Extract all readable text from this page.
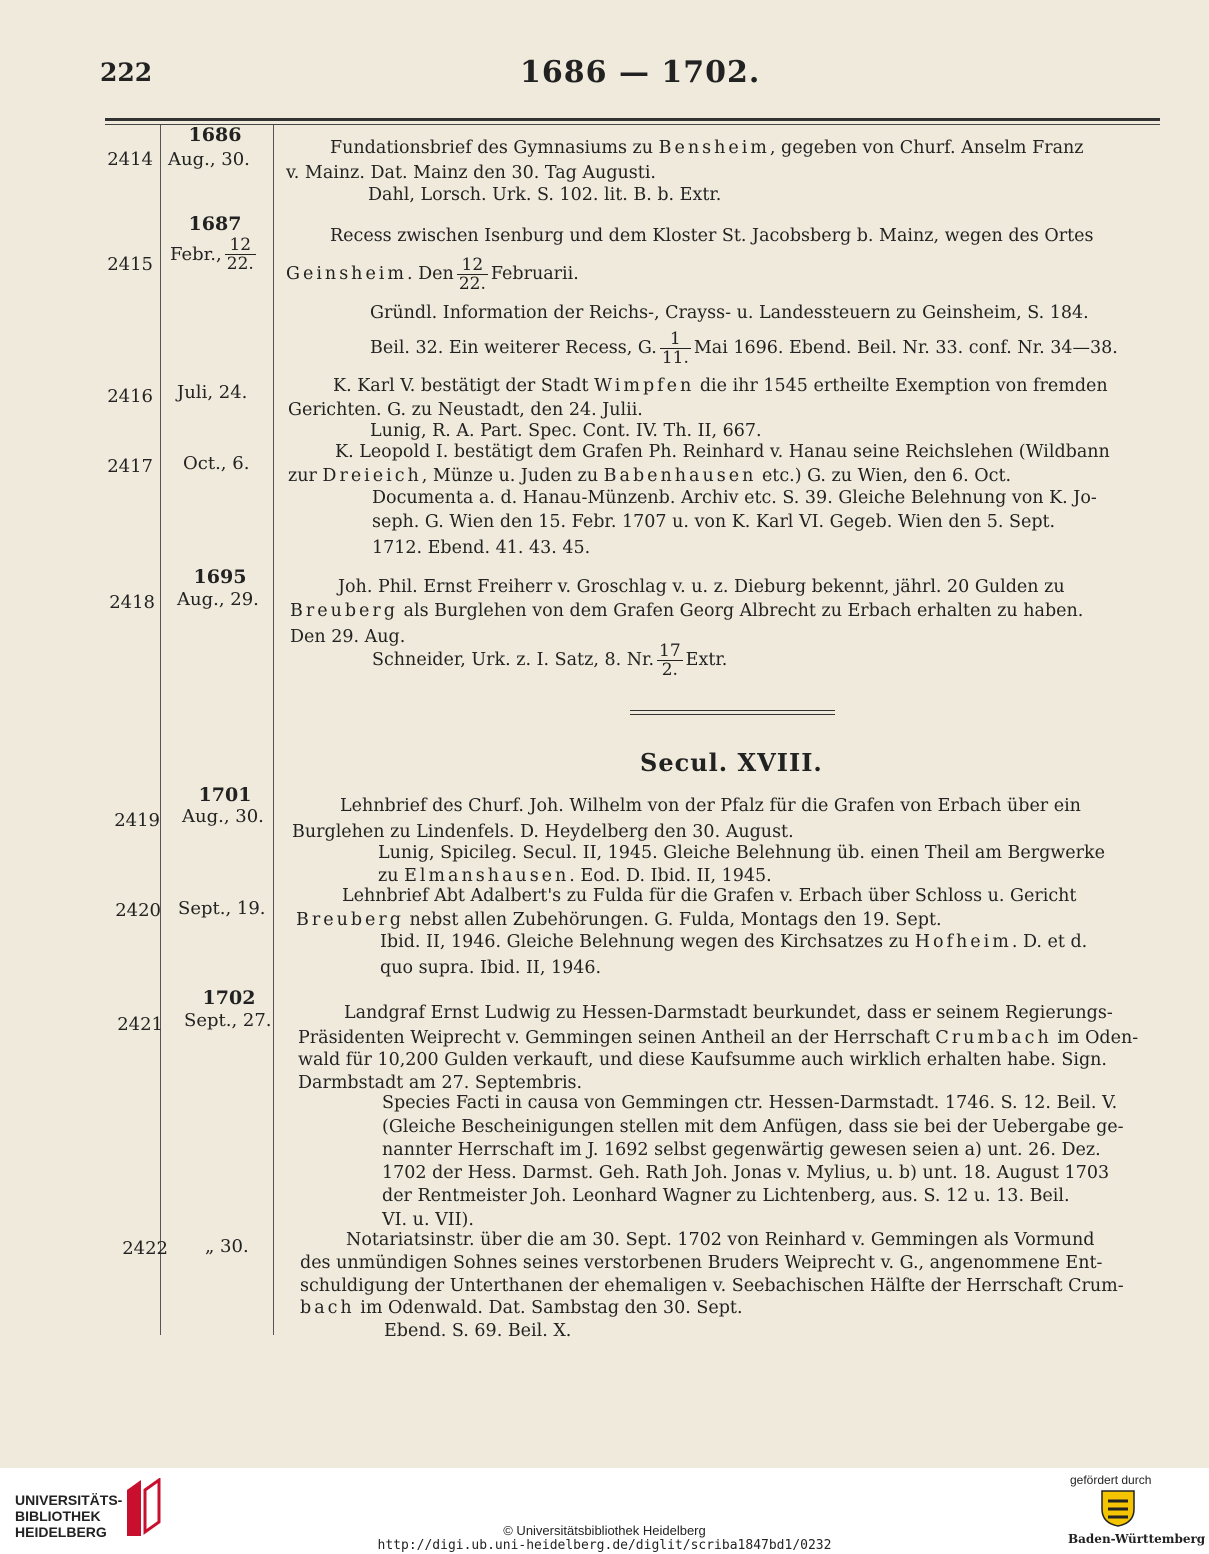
222	1686 — 1702.
1686
2414 Aug., 30.
1687
2415 Febr., $\frac{12}{22.}$
2416 Juli, 24.
2417 Oct., 6.
1695
2418 Aug., 29.
1701
2419 Aug., 30.
2420 Sept., 19.
1702
2421 Sept., 27.
2422 „ 30.
Fundationsbrief des Gymnasiums zu Bensheim, gegeben von Churf. Anselm Franz
v. Mainz. Dat. Mainz den 30. Tag Augusti.
Dahl, Lorsch. Urk. S. 102. lit. B. b. Extr.
Recess zwischen Isenburg und dem Kloster St. Jacobsberg b. Mainz, wegen des Ortes
Geinsheim. Den $\frac{12}{22.}$ Februarii.
Gründl. Information der Reichs-, Crayss- u. Landessteuern zu Geinsheim, S. 184.
Beil. 32. Ein weiterer Recess, G. $\frac{1}{11.}$ Mai 1696. Ebend. Beil. Nr. 33. conf. Nr. 34—38.
K. Karl V. bestätigt der Stadt Wimpfen die ihr 1545 ertheilte Exemption von fremden
Gerichten. G. zu Neustadt, den 24. Julii.
Lunig, R. A. Part. Spec. Cont. IV. Th. II, 667.
K. Leopold I. bestätigt dem Grafen Ph. Reinhard v. Hanau seine Reichslehen (Wildbann
zur Dreieich, Münze u. Juden zu Babenhausen etc.) G. zu Wien, den 6. Oct.
Documenta a. d. Hanau-Münzenb. Archiv etc. S. 39. Gleiche Belehnung von K. Jo-
seph. G. Wien den 15. Febr. 1707 u. von K. Karl VI. Gegeb. Wien den 5. Sept.
1712. Ebend. 41. 43. 45.
Joh. Phil. Ernst Freiherr v. Groschlag v. u. z. Dieburg bekennt, jährl. 20 Gulden zu
Breuberg als Burglehen von dem Grafen Georg Albrecht zu Erbach erhalten zu haben.
Den 29. Aug.
Schneider, Urk. z. I. Satz, 8. Nr. $\frac{17}{2.}$ Extr.
Secul. XVIII.
Lehnbrief des Churf. Joh. Wilhelm von der Pfalz für die Grafen von Erbach über ein
Burglehen zu Lindenfels. D. Heydelberg den 30. August.
Lunig, Spicileg. Secul. II, 1945. Gleiche Belehnung üb. einen Theil am Bergwerke
zu Elmanshausen. Eod. D. Ibid. II, 1945.
Lehnbrief Abt Adalbert's zu Fulda für die Grafen v. Erbach über Schloss u. Gericht
Breuberg nebst allen Zubehörungen. G. Fulda, Montags den 19. Sept.
Ibid. II, 1946. Gleiche Belehnung wegen des Kirchsatzes zu Hofheim. D. et d.
quo supra. Ibid. II, 1946.
Landgraf Ernst Ludwig zu Hessen-Darmstadt beurkundet, dass er seinem Regierungs-
Präsidenten Weiprecht v. Gemmingen seinen Antheil an der Herrschaft Crumbach im Oden-
wald für 10,200 Gulden verkauft, und diese Kaufsumme auch wirklich erhalten habe. Sign.
Darmbstadt am 27. Septembris.
Species Facti in causa von Gemmingen ctr. Hessen-Darmstadt. 1746. S. 12. Beil. V.
(Gleiche Bescheinigungen stellen mit dem Anfügen, dass sie bei der Uebergabe ge-
nannter Herrschaft im J. 1692 selbst gegenwärtig gewesen seien a) unt. 26. Dez.
1702 der Hess. Darmst. Geh. Rath Joh. Jonas v. Mylius, u. b) unt. 18. August 1703
der Rentmeister Joh. Leonhard Wagner zu Lichtenberg, aus. S. 12 u. 13. Beil.
VI. u. VII).
Notariatsinstr. über die am 30. Sept. 1702 von Reinhard v. Gemmingen als Vormund
des unmündigen Sohnes seines verstorbenen Bruders Weiprecht v. G., angenommene Ent-
schuldigung der Unterthanen der ehemaligen v. Seebachischen Hälfte der Herrschaft Crum-
bach im Odenwald. Dat. Sambstag den 30. Sept.
Ebend. S. 69. Beil. X.
UNIVERSITÄTS-
BIBLIOTHEK
HEIDELBERG	© Universitätsbibliothek Heidelberg
http://digi.ub.uni-heidelberg.de/diglit/scriba1847bd1/0232
gefördert durch
Baden-Württemberg
